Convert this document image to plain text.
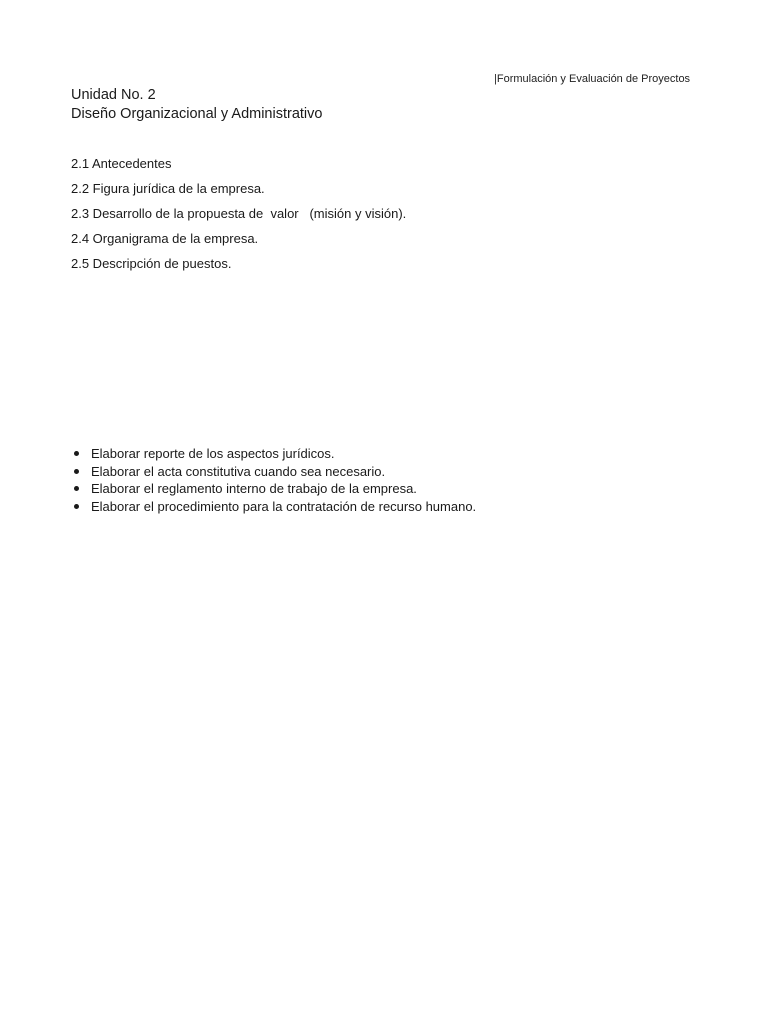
|Formulación y Evaluación de Proyectos
Unidad No. 2
Diseño Organizacional y Administrativo
2.1 Antecedentes
2.2 Figura jurídica de la empresa.
2.3 Desarrollo de la propuesta de  valor   (misión y visión).
2.4 Organigrama de la empresa.
2.5 Descripción de puestos.
Elaborar reporte de los aspectos jurídicos.
Elaborar el acta constitutiva cuando sea necesario.
Elaborar el reglamento interno de trabajo de la empresa.
Elaborar el procedimiento para la contratación de recurso humano.
